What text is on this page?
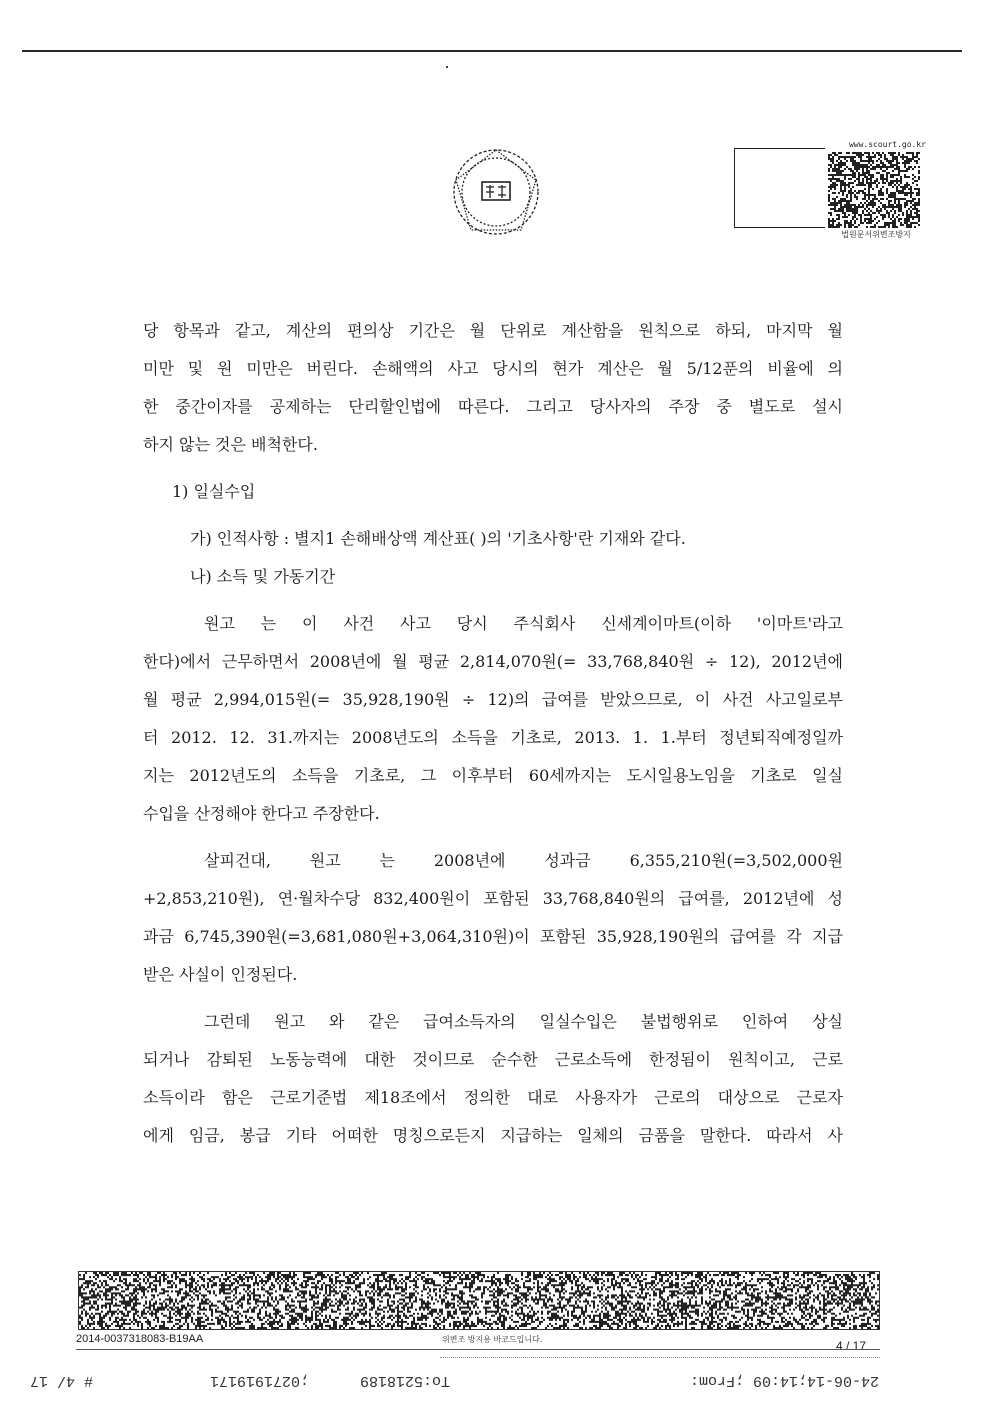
www.scourt.go.kr
법원문서위변조방지
당 항목과 같고, 계산의 편의상 기간은 월 단위로 계산함을 원칙으로 하되, 마지막 월
미만 및 원 미만은 버린다. 손해액의 사고 당시의 현가 계산은 월 5/12푼의 비율에 의
한 중간이자를 공제하는 단리할인법에 따른다. 그리고 당사자의 주장 중 별도로 설시
하지 않는 것은 배척한다.
1) 일실수입
가) 인적사항 : 별지1 손해배상액 계산표( )의 '기초사항'란 기재와 같다.
나) 소득 및 가동기간
원고 는 이 사건 사고 당시 주식회사 신세계이마트(이하 '이마트'라고
한다)에서 근무하면서 2008년에 월 평균 2,814,070원(= 33,768,840원 ÷ 12), 2012년에
월 평균 2,994,015원(= 35,928,190원 ÷ 12)의 급여를 받았으므로, 이 사건 사고일로부
터 2012. 12. 31.까지는 2008년도의 소득을 기초로, 2013. 1. 1.부터 정년퇴직예정일까
지는 2012년도의 소득을 기초로, 그 이후부터 60세까지는 도시일용노임을 기초로 일실
수입을 산정해야 한다고 주장한다.
살피건대, 원고 는 2008년에 성과금 6,355,210원(=3,502,000원
+2,853,210원), 연·월차수당 832,400원이 포함된 33,768,840원의 급여를, 2012년에 성
과금 6,745,390원(=3,681,080원+3,064,310원)이 포함된 35,928,190원의 급여를 각 지급
받은 사실이 인정된다.
그런데 원고 와 같은 급여소득자의 일실수입은 불법행위로 인하여 상실
되거나 감퇴된 노동능력에 대한 것이므로 순수한 근로소득에 한정됨이 원칙이고, 근로
소득이라 함은 근로기준법 제18조에서 정의한 대로 사용자가 근로의 대상으로 근로자
에게 임금, 봉급 기타 어떠한 명칭으로든지 지급하는 일체의 금품을 말한다. 따라서 사
2014-0037318083-B19AA	위변조 방지용 바코드입니다.	4 / 17
24-06-14;14:09 ;From:
To:5218189
;0271919171
# 4/ 17
